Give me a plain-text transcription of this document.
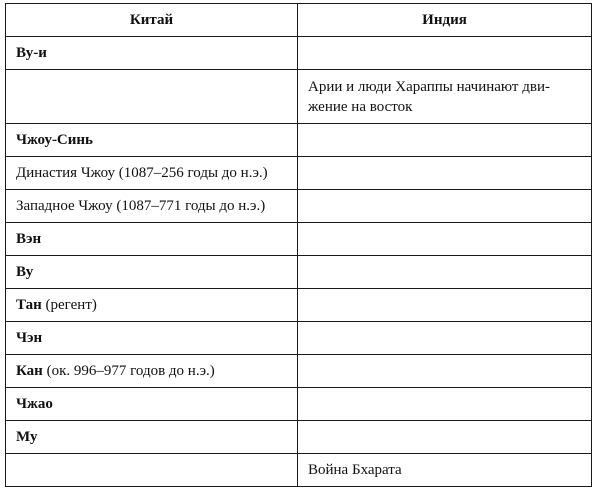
Китай	Индия
Ву-и	
	Арии и люди Хараппы начинают дви-жение на восток
Чжоу-Синь	
Династия Чжоу (1087–256 годы до н.э.)	
Западное Чжоу (1087–771 годы до н.э.)	
Вэн	
Ву	
Тан (регент)	
Чэн	
Кан (ок. 996–977 годов до н.э.)	
Чжао	
Му	
	Война Бхарата
